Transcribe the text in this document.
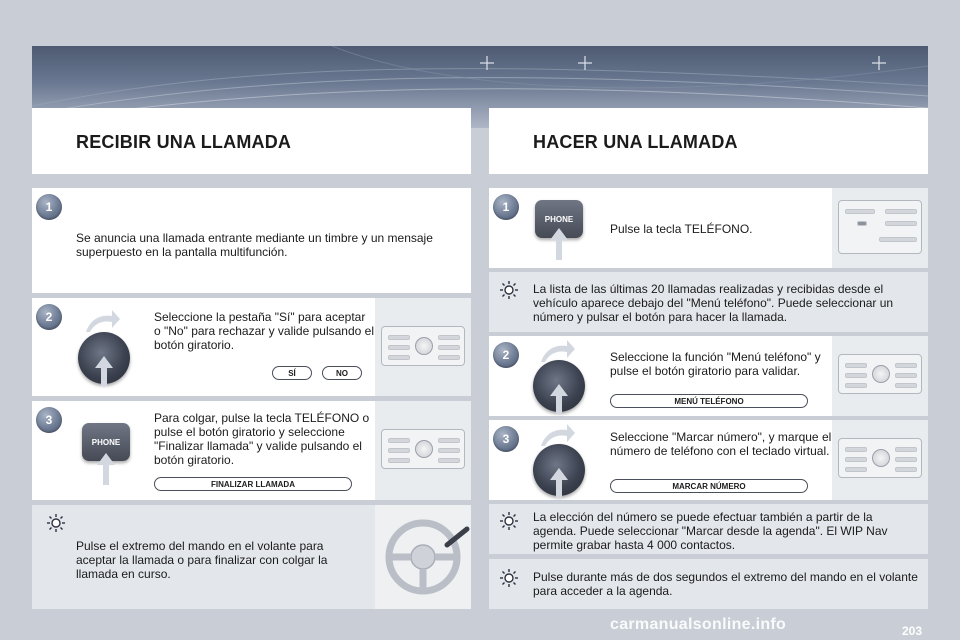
RECIBIR UNA LLAMADA	HACER UNA LLAMADA
1
Se anuncia una llamada entrante mediante un timbre y un mensaje superpuesto en la pantalla multifunción.
2	Seleccione la pestaña "Sí" para aceptar o "No" para rechazar y valide pulsando el botón giratorio.
SÍ	NO
3
PHONE
Para colgar, pulse la tecla TELÉFONO o pulse el botón giratorio y seleccione "Finalizar llamada" y valide pulsando el botón giratorio.
FINALIZAR LLAMADA
Pulse el extremo del mando en el volante para aceptar la llamada o para finalizar con colgar la llamada en curso.
1
PHONE
Pulse la tecla TELÉFONO.
La lista de las últimas 20 llamadas realizadas y recibidas desde el vehículo aparece debajo del "Menú teléfono". Puede seleccionar un número y pulsar el botón para hacer la llamada.
2	Seleccione la función "Menú teléfono" y pulse el botón giratorio para validar.
MENÚ TELÉFONO
3	Seleccione "Marcar número", y marque el número de teléfono con el teclado virtual.
MARCAR NÚMERO
La elección del número se puede efectuar también a partir de la agenda. Puede seleccionar "Marcar desde la agenda". El WIP Nav permite grabar hasta 4 000 contactos.
Pulse durante más de dos segundos el extremo del mando en el volante para acceder a la agenda.
carmanualsonline.info	203
